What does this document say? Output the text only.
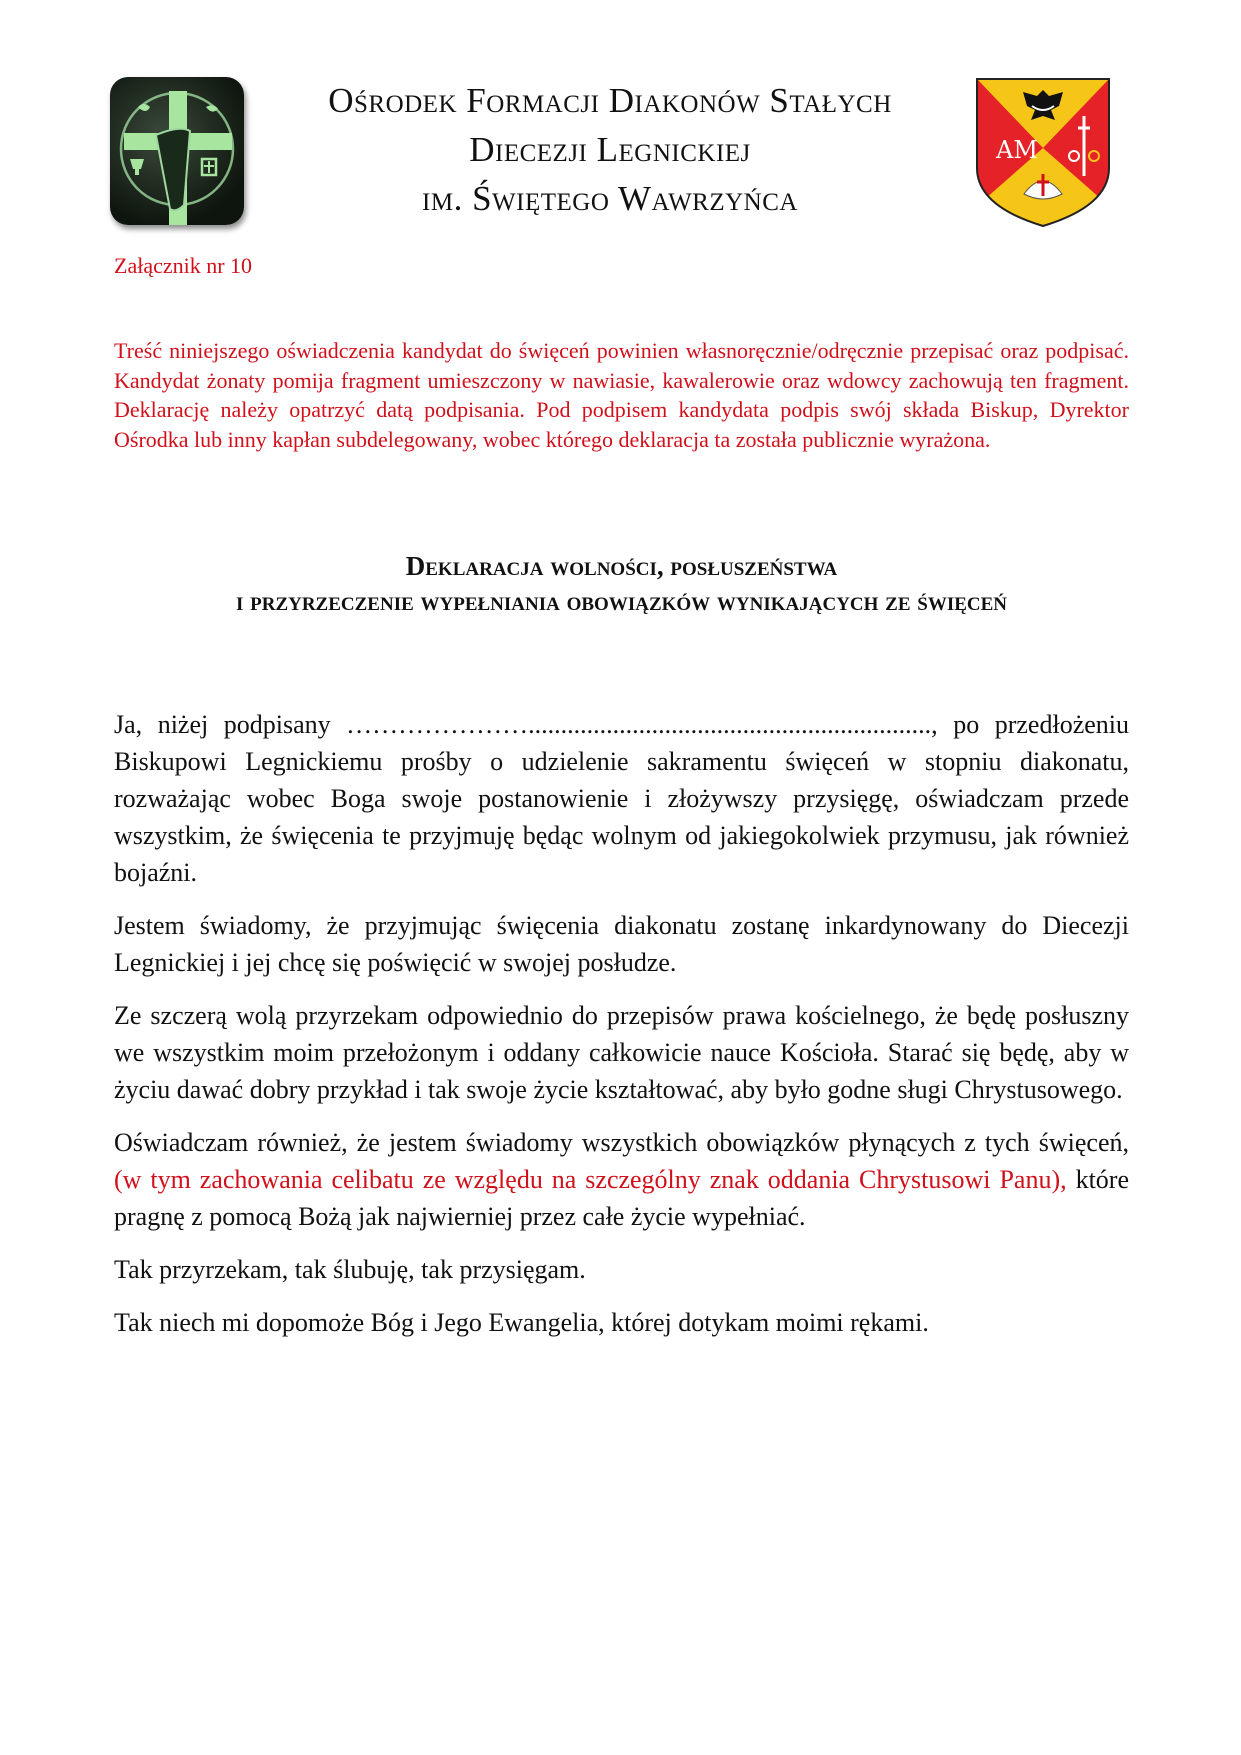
Ośrodek Formacji Diakonów Stałych
Diecezji Legnickiej
im. Świętego Wawrzyńca
AM
Załącznik nr 10
Treść niniejszego oświadczenia kandydat do święceń powinien własnoręcznie/odręcznie przepisać oraz podpisać. Kandydat żonaty pomija fragment umieszczony w nawiasie, kawalerowie oraz wdowcy zachowują ten fragment. Deklarację należy opatrzyć datą podpisania. Pod podpisem kandydata podpis swój składa Biskup, Dyrektor Ośrodka lub inny kapłan subdelegowany, wobec którego deklaracja ta została publicznie wyrażona.
Deklaracja wolności, posłuszeństwa
i przyrzeczenie wypełniania obowiązków wynikających ze święceń

Ja, niżej podpisany ………………….............................................................., po przedłożeniu Biskupowi Legnickiemu prośby o udzielenie sakramentu święceń w stopniu diakonatu, rozważając wobec Boga swoje postanowienie i złożywszy przysięgę, oświadczam przede wszystkim, że święcenia te przyjmuję będąc wolnym od jakiegokolwiek przymusu, jak również bojaźni.

Jestem świadomy, że przyjmując święcenia diakonatu zostanę inkardynowany do Diecezji Legnickiej i jej chcę się poświęcić w swojej posłudze.

Ze szczerą wolą przyrzekam odpowiednio do przepisów prawa kościelnego, że będę posłuszny we wszystkim moim przełożonym i oddany całkowicie nauce Kościoła. Starać się będę, aby w życiu dawać dobry przykład i tak swoje życie kształtować, aby było godne sługi Chrystusowego.

Oświadczam również, że jestem świadomy wszystkich obowiązków płynących z tych święceń, (w tym zachowania celibatu ze względu na szczególny znak oddania Chrystusowi Panu), które pragnę z pomocą Bożą jak najwierniej przez całe życie wypełniać.

Tak przyrzekam, tak ślubuję, tak przysięgam.

Tak niech mi dopomoże Bóg i Jego Ewangelia, której dotykam moimi rękami.
